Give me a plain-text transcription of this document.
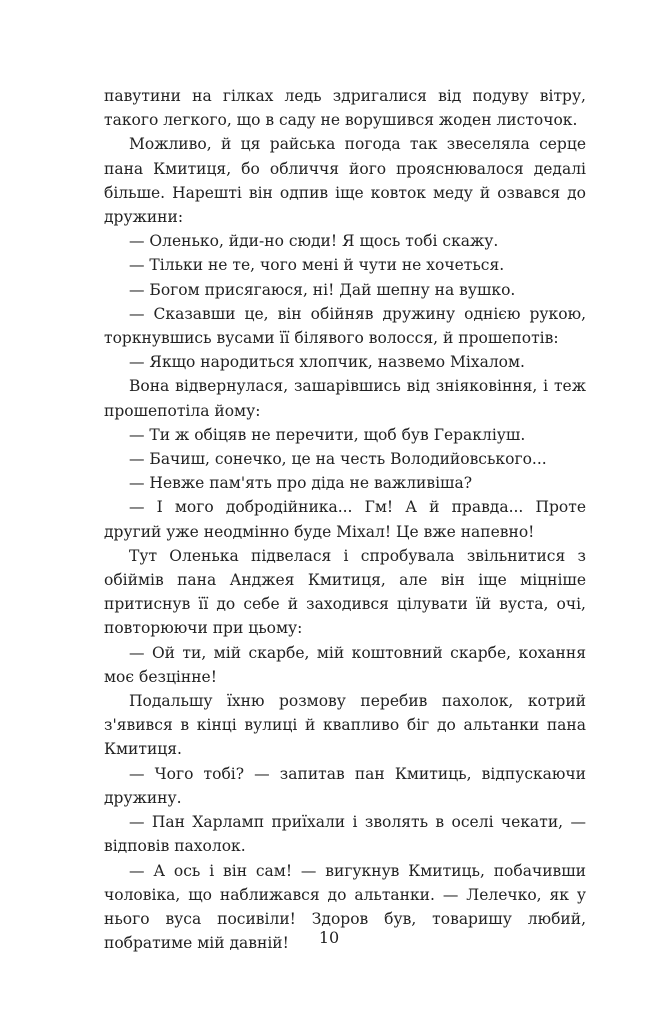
павутини на гілках ледь здригалися від подуву вітру, такого легкого, що в саду не ворушився жоден листочок.

Можливо, й ця райська погода так звеселяла серце пана Кмитиця, бо обличчя його прояснювалося дедалі більше. Нарешті він одпив іще ковток меду й озвався до дружини:

— Оленько, йди-но сюди! Я щось тобі скажу.

— Тільки не те, чого мені й чути не хочеться.

— Богом присягаюся, ні! Дай шепну на вушко.

— Сказавши це, він обійняв дружину однією рукою, торкнувшись вусами її білявого волосся, й прошепотів:

— Якщо народиться хлопчик, назвемо Міхалом.

Вона відвернулася, зашарівшись від зніяковіння, і теж прошепотіла йому:

— Ти ж обіцяв не перечити, щоб був Геракліуш.

— Бачиш, сонечко, це на честь Володийовського...

— Невже пам'ять про діда не важливіша?

— І мого добродійника... Гм! А й правда... Проте другий уже неодмінно буде Міхал! Це вже напевно!

Тут Оленька підвелася і спробувала звільнитися з обіймів пана Анджея Кмитиця, але він іще міцніше притиснув її до себе й заходився цілувати їй вуста, очі, повторюючи при цьому:

— Ой ти, мій скарбе, мій коштовний скарбе, кохання моє безцінне!

Подальшу їхню розмову перебив пахолок, котрий з'явився в кінці вулиці й квапливо біг до альтанки пана Кмитиця.

— Чого тобі? — запитав пан Кмитиць, відпускаючи дружину.

— Пан Харламп приїхали і зволять в оселі чекати, — відповів пахолок.

— А ось і він сам! — вигукнув Кмитиць, побачивши чоловіка, що наближався до альтанки. — Лелечко, як у нього вуса посивіли! Здоров був, товаришу любий, побратиме мій давній!	10
